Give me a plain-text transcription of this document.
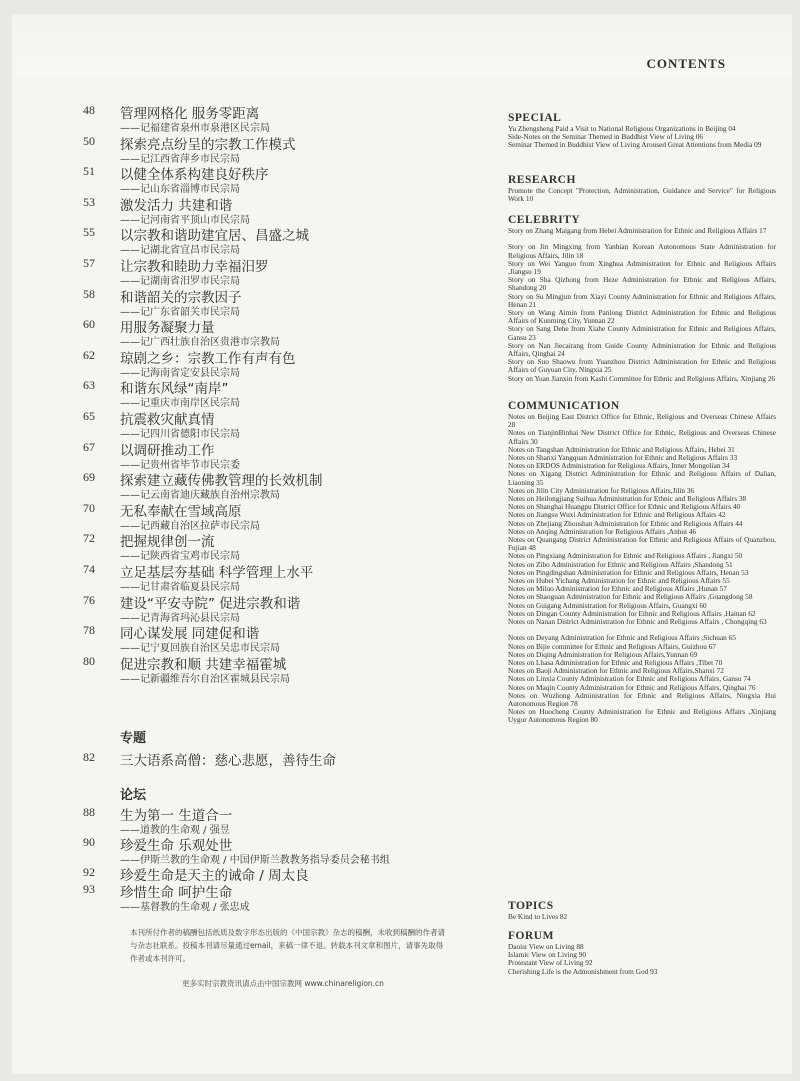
CONTENTS
48	管理网格化 服务零距离
——记福建省泉州市泉港区民宗局
50	探索亮点纷呈的宗教工作模式
——记江西省萍乡市民宗局
51	以健全体系构建良好秩序
——记山东省淄博市民宗局
53	激发活力 共建和谐
——记河南省平顶山市民宗局
55	以宗教和谐助建宜居、昌盛之城
——记湖北省宜昌市民宗局
57	让宗教和睦助力幸福汨罗
——记湖南省汨罗市民宗局
58	和谐韶关的宗教因子
——记广东省韶关市民宗局
60	用服务凝聚力量
——记广西壮族自治区贵港市宗教局
62	琼剧之乡：宗教工作有声有色
——记海南省定安县民宗局
63	和谐东风绿“南岸”
——记重庆市南岸区民宗局
65	抗震救灾献真情
——记四川省德阳市民宗局
67	以调研推动工作
——记贵州省毕节市民宗委
69	探索建立藏传佛教管理的长效机制
——记云南省迪庆藏族自治州宗教局
70	无私奉献在雪域高原
——记西藏自治区拉萨市民宗局
72	把握规律创一流
——记陕西省宝鸡市民宗局
74	立足基层夯基础 科学管理上水平
——记甘肃省临夏县民宗局
76	建设“平安寺院” 促进宗教和谐
——记青海省玛沁县民宗局
78	同心谋发展 同建促和谐
——记宁夏回族自治区吴忠市民宗局
80	促进宗教和顺 共建幸福霍城
——记新疆维吾尔自治区霍城县民宗局
专题
82	三大语系高僧：慈心悲愿，善待生命
论坛
88	生为第一 生道合一
——道教的生命观 / 强昱
90	珍爱生命 乐观处世
——伊斯兰教的生命观 / 中国伊斯兰教教务指导委员会秘书组
92	珍爱生命是天主的诫命 / 周太良
93	珍惜生命 呵护生命
——基督教的生命观 / 张忠成
本刊所付作者的稿酬包括纸质及数字形态出版的《中国宗教》杂志的稿酬，未收到稿酬的作者请与杂志社联系。投稿本刊请尽量通过email，来稿一律不退。转载本刊文章和图片，请事先取得作者或本刊许可。
更多实时宗教资讯请点击中国宗教网 www.chinareligion.cn
SPECIAL
Yu Zhengsheng Paid a Visit to National Religious Organizations in Beijing 04
Side-Notes on the Seminar Themed in Buddhist View of Living 06
Seminar Themed in Buddhist View of Living Aroused Great Attentions from Media 09
RESEARCH
Promote the Concept "Protection, Administration, Guidance and Service" for Religious Work 10
CELEBRITY
Story on Zhang Maigang from Hebei Administration for Ethnic and Religious Affairs 17
Story on Jin Mingxing from Yanbian Korean Autonomous State Administration for Religious Affairs, Jilin 18
Story on Wei Yanguo from Xinghua Administration for Ethnic and Religious Affairs ,Jiangsu 19
Story on Sha Qizhong from Heze Administration for Ethnic and Religious Affairs, Shandong 20
Story on Su Mingjun from Xiayi County Administration for Ethnic and Religious Affairs, Henan 21
Story on Wang Aimin from Panlong District Administration for Ethnic and Religious Affairs of Kunming City, Yunnan 22
Story on Sang Dehe from Xiahe County Administration for Ethnic and Religious Affairs, Gansu 23
Story on Nan Jiecairang from Guide County Administration for Ethnic and Religious Affairs, Qinghai 24
Story on Suo Shaowu from Yuanzhou District Administration for Ethnic and Religious Affairs of Guyuan City, Ningxia 25
Story on Yuan Jianxin from Kashi Committee for Ethnic and Religious Affairs, Xinjiang 26
COMMUNICATION
Notes on Beijing East District Office for Ethnic, Religious and Overseas Chinese Affairs 28
Notes on TianjinBinhai New District Office for Ethnic, Religious and Overseas Chinese Affairs 30
Notes on Tangshan Administration for Ethnic and Religious Affairs, Hebei 31
Notes on Shanxi Yangquan Administration for Ethnic and Religious Affairs 33
Notes on ERDOS Administration for Religious Affairs, Inner Mongolian 34
Notes on Xigang District Administration for Ethnic and Religious Affairs of Dalian, Liaoning 35
Notes on Jilin City Administration for Religious Affairs,Jilin 36
Notes on Heilongjiang Suihua Administration for Ethnic and Religious Affairs 38
Notes on Shanghai Huangpu District Office for Ethnic and Religious Affairs 40
Notes on Jiangsu Wuxi Administration for Ethnic and Religious Affairs 42
Notes on Zhejiang Zhoushan Administration for Ethnic and Religious Affairs 44
Notes on Anqing Administration for Religious Affairs ,Anhui 46
Notes on Quangang District Administration for Ethnic and Religious Affairs of Quanzhou, Fujian 48
Notes on Pingxiang Administration for Ethnic and Religious Affairs , Jiangxi 50
Notes on Zibo Administration for Ethnic and Religious Affairs ,Shandong 51
Notes on Pingdingshan Administration for Ethnic and Religious Affairs, Henan 53
Notes on Hubei Yichang Administration for Ethnic and Religious Affairs 55
Notes on Miluo Administration for Ethnic and Religious Affairs ,Hunan 57
Notes on Shaoguan Administration for Ethnic and Religious Affairs ,Guangdong 58
Notes on Guigang Administration for Religious Affairs, Guangxi 60
Notes on Dingan County Administration for Ethnic and Religious Affairs ,Hainan 62
Notes on Nanan District Administration for Ethnic and Religious Affairs , Chongqing 63
Notes on Deyang Administration for Ethnic and Religious Affairs ,Sichuan 65
Notes on Bijie committee for Ethnic and Religious Affairs, Guizhou 67
Notes on Diqing Administration for Religious Affairs,Yunnan 69
Notes on Lhasa Administration for Ethnic and Religious Affairs ,Tibet 70
Notes on Baoji Administration for Ethnic and Religious Affairs,Shanxi 72
Notes on Linxia County Administration for Ethnic and Religious Affairs, Gansu 74
Notes on Maqin County Administration for Ethnic and Religious Affairs, Qinghai 76
Notes on Wuzhong Administration for Ethnic and Religious Affairs, Ningxia Hui Autonomous Region 78
Notes on Huocheng County Administration for Ethnic and Religious Affairs ,Xinjiang Uygur Autonomous Region 80
TOPICS
Be Kind to Lives 82
FORUM
Daoist View on Living 88
Islamic View on Living 90
Protestant View of Living 92
Cherishing Life is the Admonishment from God 93
